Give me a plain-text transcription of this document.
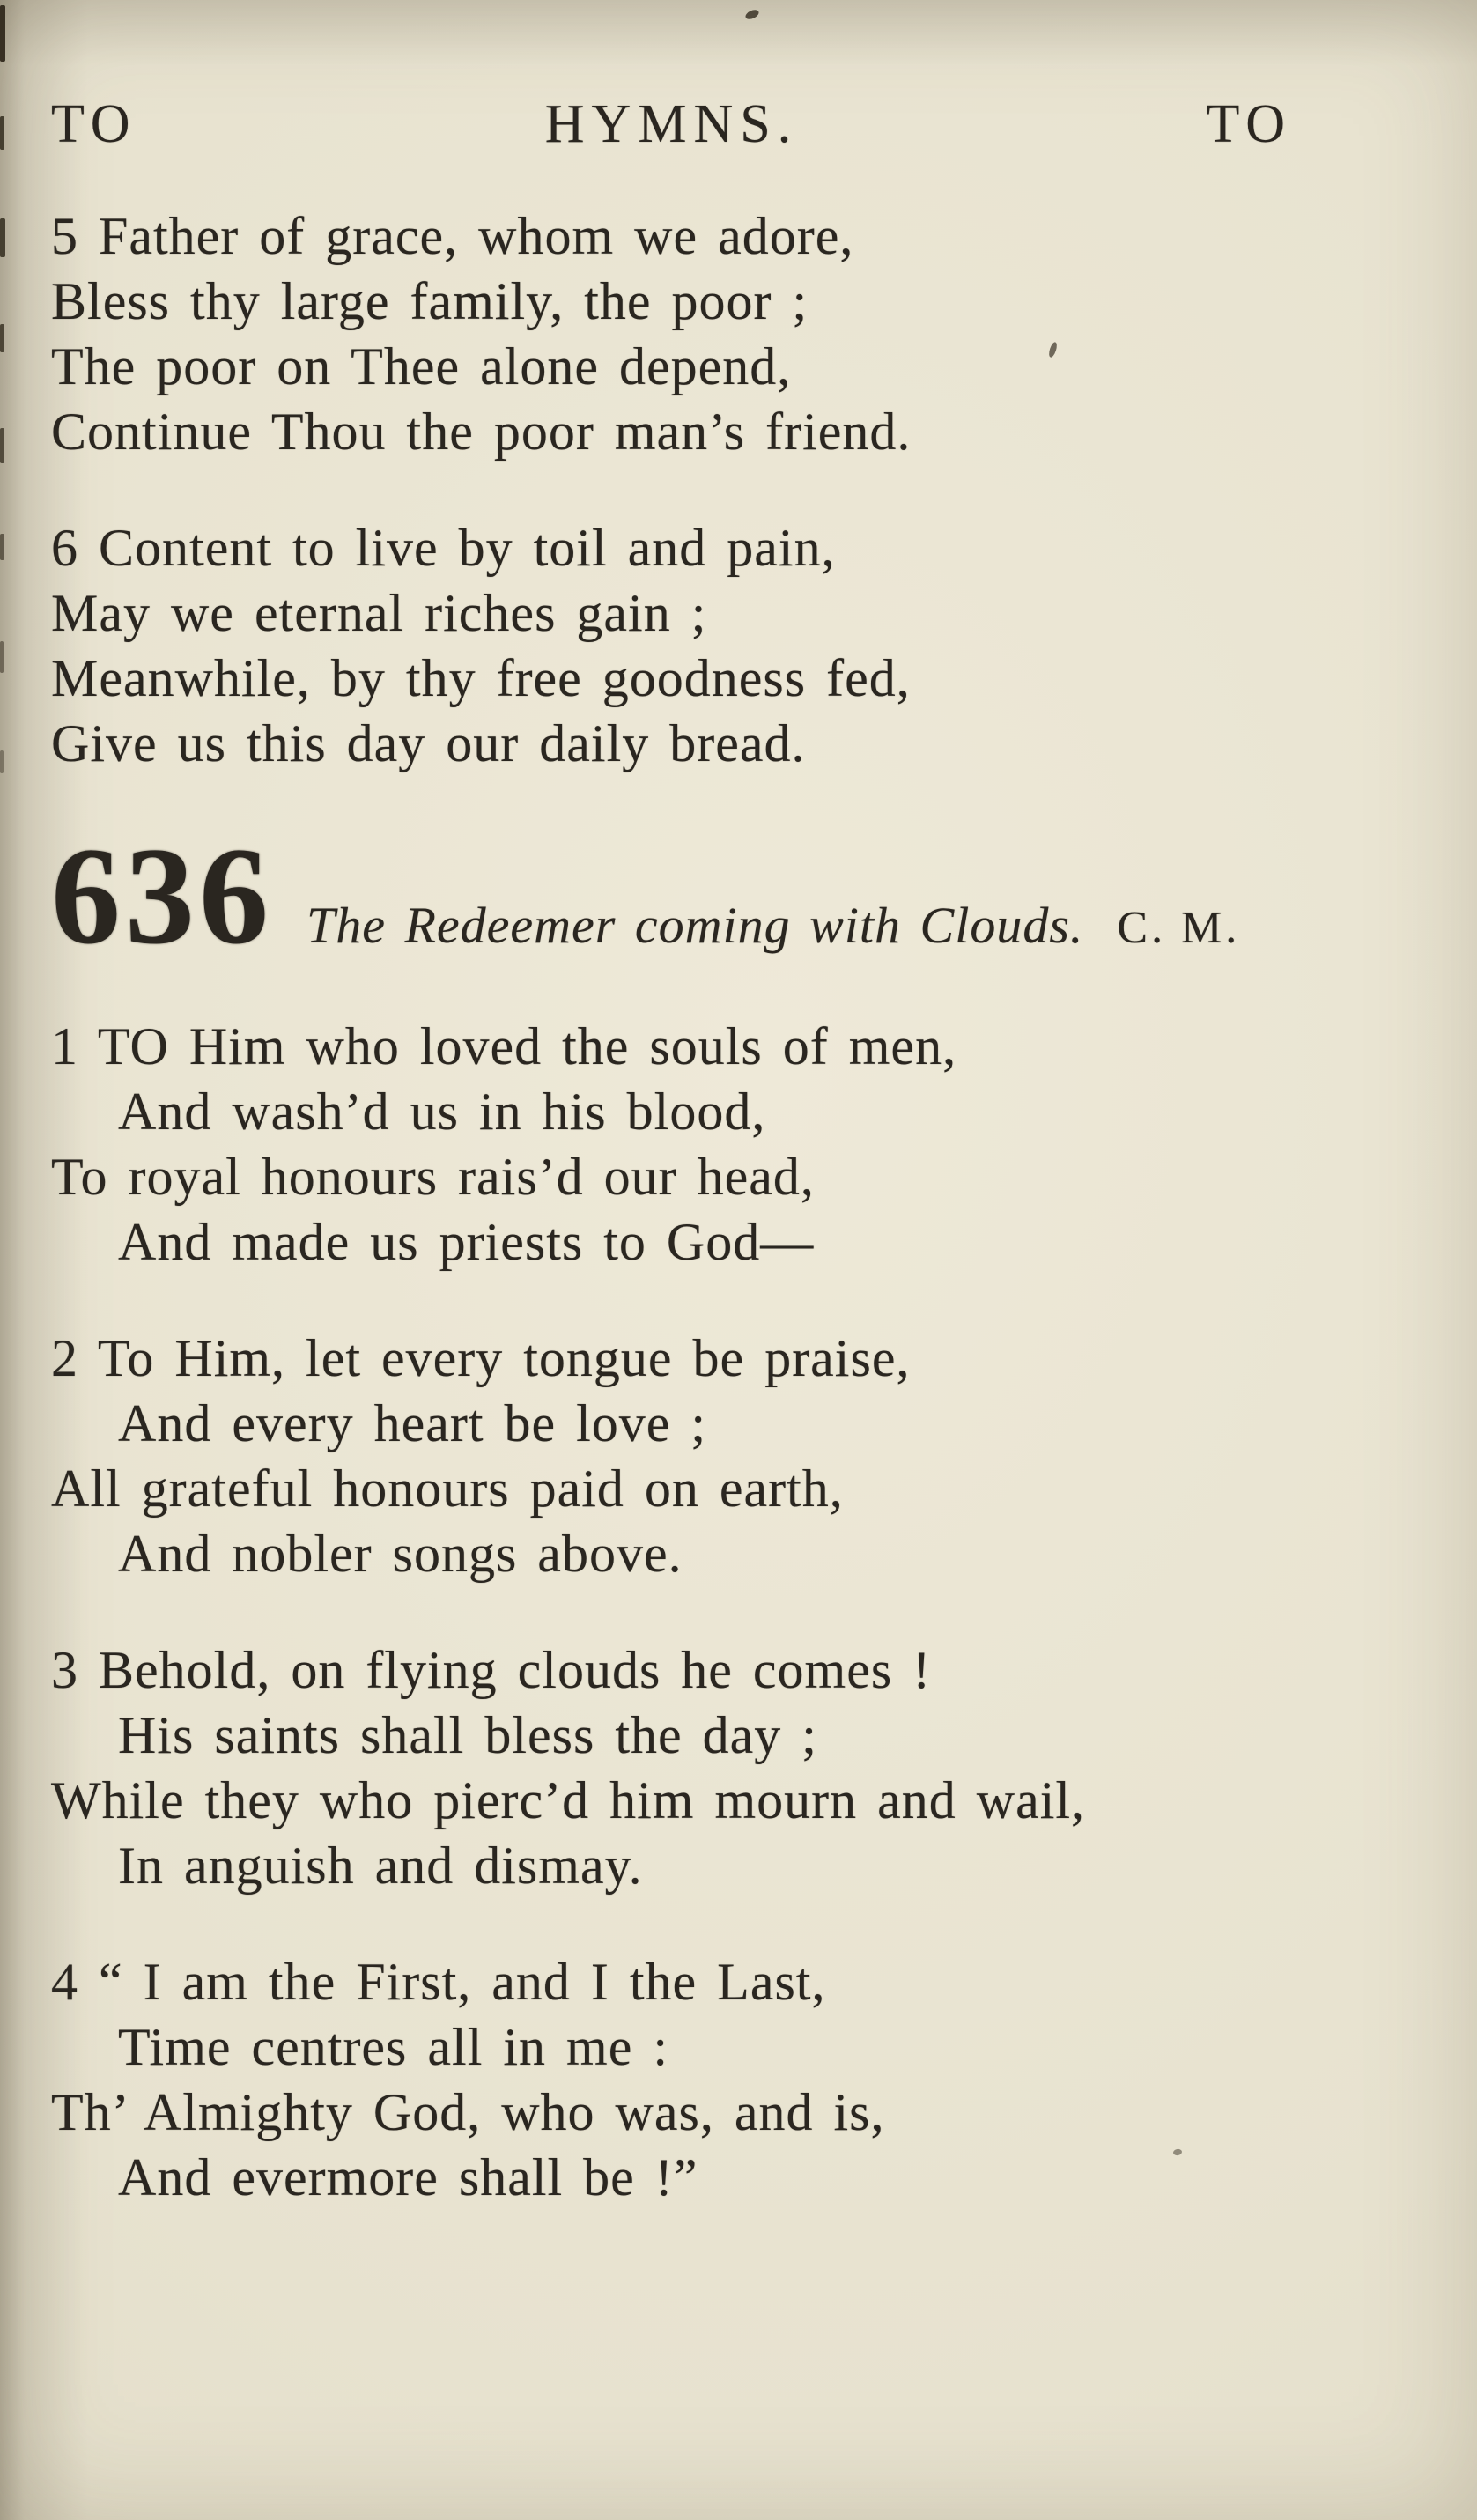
TO	HYMNS.	TO
5 Father of grace, whom we adore,
Bless thy large family, the poor ;
The poor on Thee alone depend,
Continue Thou the poor man’s friend.
6 Content to live by toil and pain,
May we eternal riches gain ;
Meanwhile, by thy free goodness fed,
Give us this day our daily bread.
636 The Redeemer coming with Clouds. C. M.
1 TO Him who loved the souls of men,
And wash’d us in his blood,
To royal honours rais’d our head,
And made us priests to God—
2 To Him, let every tongue be praise,
And every heart be love ;
All grateful honours paid on earth,
And nobler songs above.
3 Behold, on flying clouds he comes !
His saints shall bless the day ;
While they who pierc’d him mourn and wail,
In anguish and dismay.
4 “ I am the First, and I the Last,
Time centres all in me :
Th’ Almighty God, who was, and is,
And evermore shall be !”
